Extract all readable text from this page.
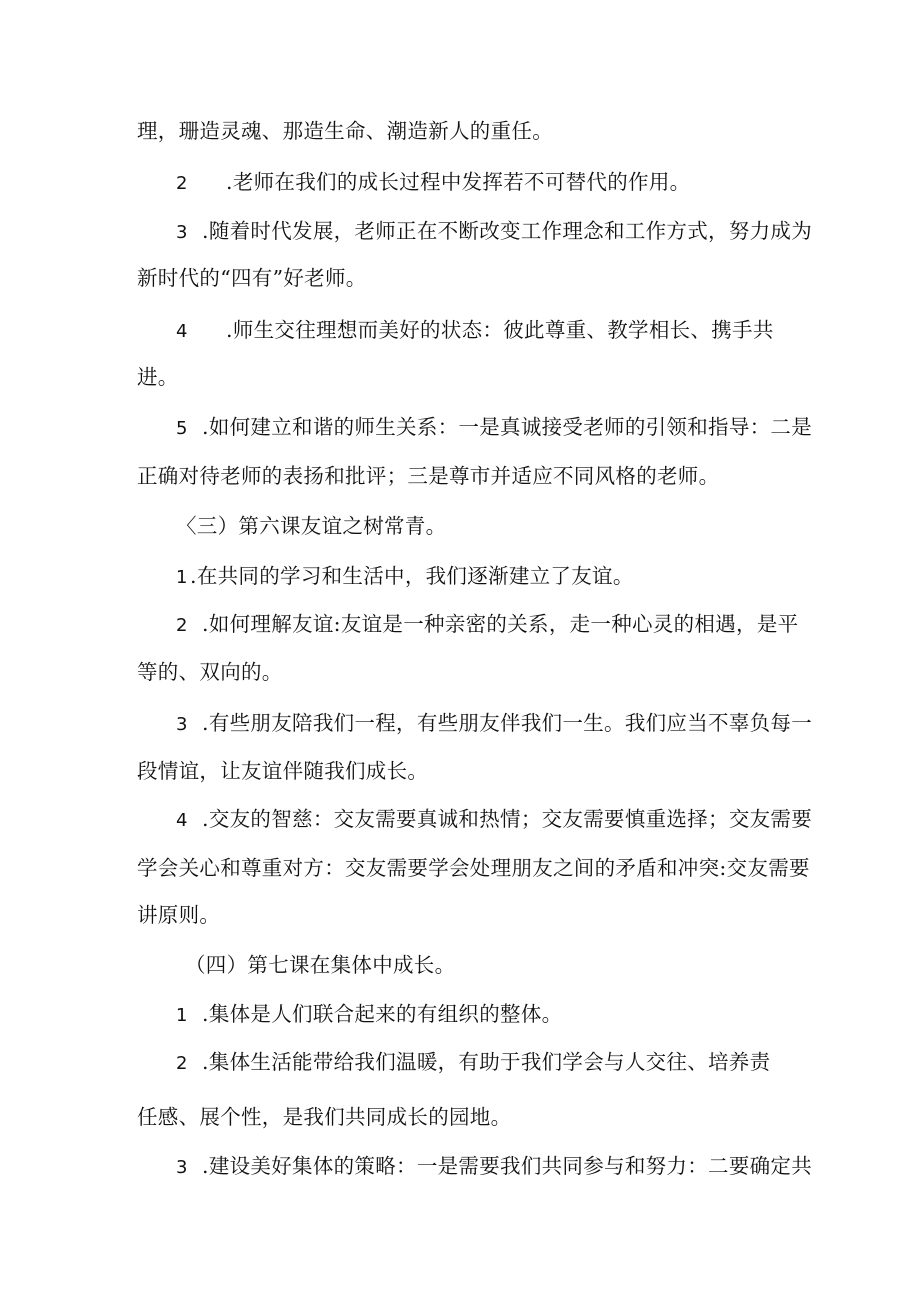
理，珊造灵魂、那造生命、潮造新人的重任。
2 .老师在我们的成长过程中发挥若不可替代的作用。
3 .随着时代发展，老师正在不断改变工作理念和工作方式，努力成为
新时代的“四有”好老师。
4 .师生交往理想而美好的状态：彼此尊重、教学相长、携手共
进。
5 .如何建立和谐的师生关系：一是真诚接受老师的引领和指导：二是
正确对待老师的表扬和批评；三是尊市并适应不同风格的老师。
〈三）第六课友谊之树常青。
1 .在共同的学习和生活中，我们逐渐建立了友谊。
2 .如何理解友谊:友谊是一种亲密的关系，走一种心灵的相遇，是平
等的、双向的。
3 .有些朋友陪我们一程，有些朋友伴我们一生。我们应当不辜负每一
段情谊，让友谊伴随我们成长。
4 .交友的智慈：交友需要真诚和热情；交友需要慎重选择；交友需要
学会关心和尊重对方：交友需要学会处理朋友之间的矛盾和冲突:交友需要
讲原则。
（四）第七课在集体中成长。
1 .集体是人们联合起来的有组织的整体。
2 .集体生活能带给我们温暖，有助于我们学会与人交往、培养责
任感、展个性，是我们共同成长的园地。
3 .建设美好集体的策略：一是需要我们共同参与和努力：二要确定共
